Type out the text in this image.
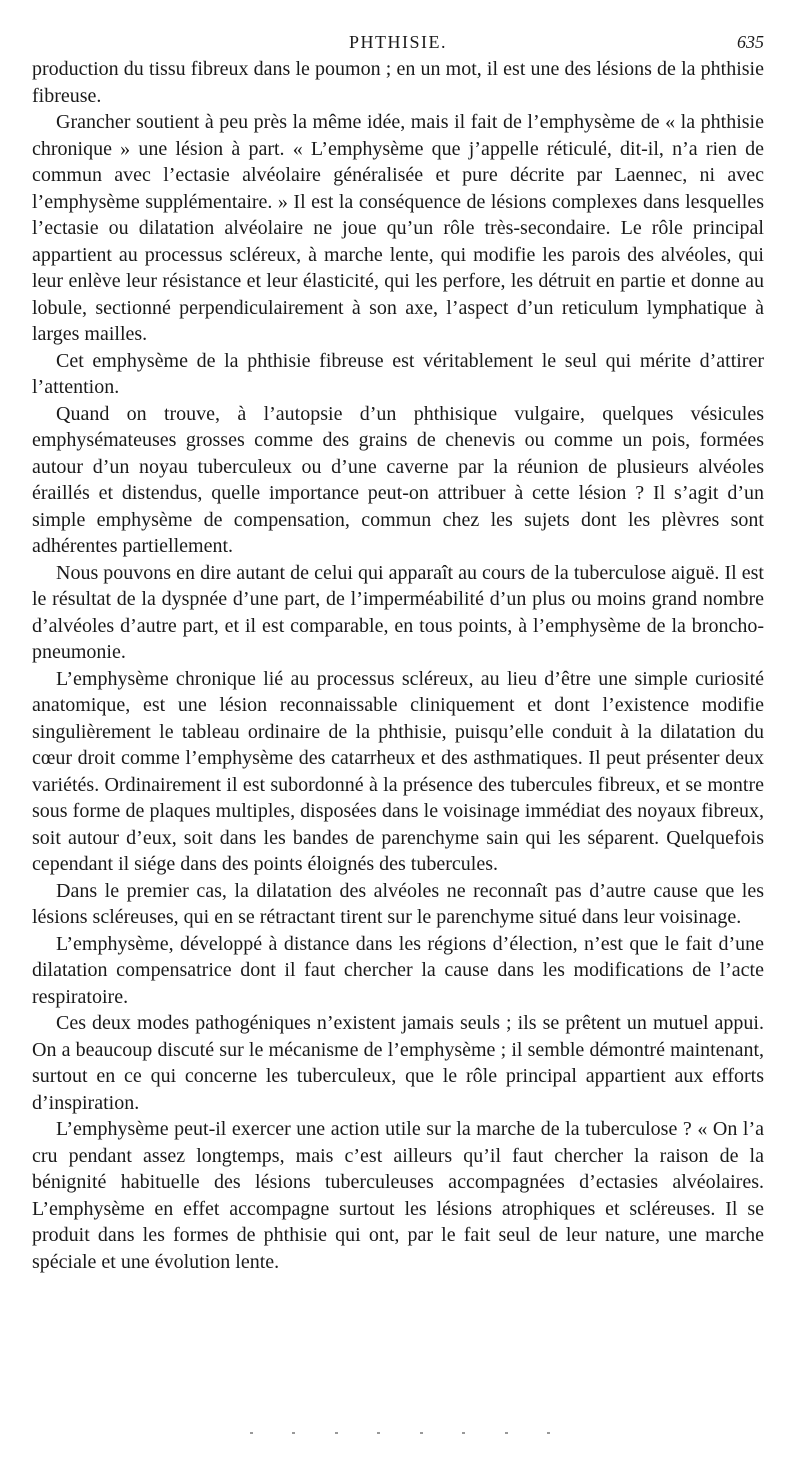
PHTHISIE.	635

production du tissu fibreux dans le poumon ; en un mot, il est une des lésions de la phthisie fibreuse.

Grancher soutient à peu près la même idée, mais il fait de l’emphysème de « la phthisie chronique » une lésion à part. « L’emphysème que j’appelle réticulé, dit-il, n’a rien de commun avec l’ectasie alvéolaire généralisée et pure décrite par Laennec, ni avec l’emphysème supplémentaire. » Il est la conséquence de lésions complexes dans lesquelles l’ectasie ou dilatation alvéolaire ne joue qu’un rôle très-secondaire. Le rôle principal appartient au processus scléreux, à marche lente, qui modifie les parois des alvéoles, qui leur enlève leur résistance et leur élasticité, qui les perfore, les détruit en partie et donne au lobule, sectionné perpendiculairement à son axe, l’aspect d’un reticulum lymphatique à larges mailles.

Cet emphysème de la phthisie fibreuse est véritablement le seul qui mérite d’attirer l’attention.

Quand on trouve, à l’autopsie d’un phthisique vulgaire, quelques vésicules emphysémateuses grosses comme des grains de chenevis ou comme un pois, formées autour d’un noyau tuberculeux ou d’une caverne par la réunion de plusieurs alvéoles éraillés et distendus, quelle importance peut-on attribuer à cette lésion ? Il s’agit d’un simple emphysème de compensation, commun chez les sujets dont les plèvres sont adhérentes partiellement.

Nous pouvons en dire autant de celui qui apparaît au cours de la tuberculose aiguë. Il est le résultat de la dyspnée d’une part, de l’imperméabilité d’un plus ou moins grand nombre d’alvéoles d’autre part, et il est comparable, en tous points, à l’emphysème de la broncho-pneumonie.

L’emphysème chronique lié au processus scléreux, au lieu d’être une simple curiosité anatomique, est une lésion reconnaissable cliniquement et dont l’existence modifie singulièrement le tableau ordinaire de la phthisie, puisqu’elle conduit à la dilatation du cœur droit comme l’emphysème des catarrheux et des asthmatiques. Il peut présenter deux variétés. Ordinairement il est subordonné à la présence des tubercules fibreux, et se montre sous forme de plaques multiples, disposées dans le voisinage immédiat des noyaux fibreux, soit autour d’eux, soit dans les bandes de parenchyme sain qui les séparent. Quelquefois cependant il siége dans des points éloignés des tubercules.

Dans le premier cas, la dilatation des alvéoles ne reconnaît pas d’autre cause que les lésions scléreuses, qui en se rétractant tirent sur le parenchyme situé dans leur voisinage.

L’emphysème, développé à distance dans les régions d’élection, n’est que le fait d’une dilatation compensatrice dont il faut chercher la cause dans les modifications de l’acte respiratoire.

Ces deux modes pathogéniques n’existent jamais seuls ; ils se prêtent un mutuel appui. On a beaucoup discuté sur le mécanisme de l’emphysème ; il semble démontré maintenant, surtout en ce qui concerne les tuberculeux, que le rôle principal appartient aux efforts d’inspiration.

L’emphysème peut-il exercer une action utile sur la marche de la tuberculose ? « On l’a cru pendant assez longtemps, mais c’est ailleurs qu’il faut chercher la raison de la bénignité habituelle des lésions tuberculeuses accompagnées d’ectasies alvéolaires. L’emphysème en effet accompagne surtout les lésions atrophiques et scléreuses. Il se produit dans les formes de phthisie qui ont, par le fait seul de leur nature, une marche spéciale et une évolution lente.
